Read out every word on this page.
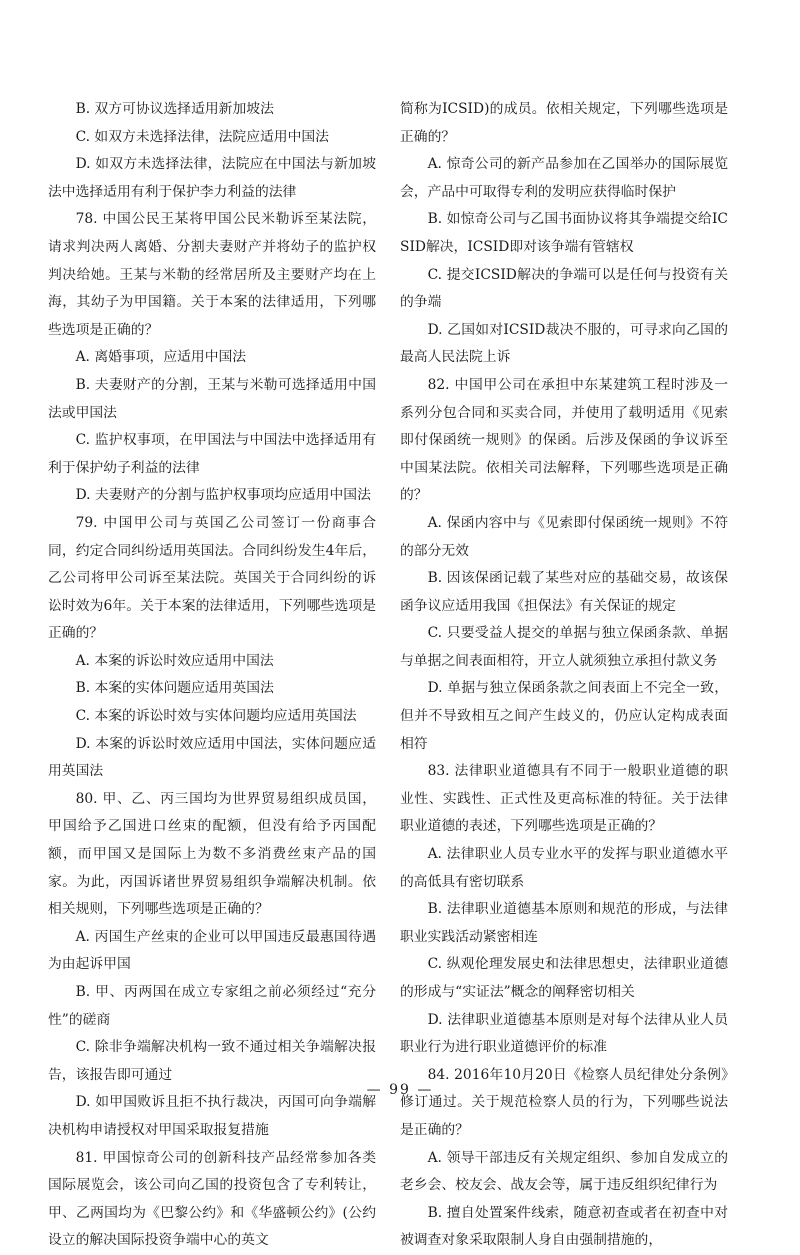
B. 双方可协议选择适用新加坡法

C. 如双方未选择法律，法院应适用中国法

D. 如双方未选择法律，法院应在中国法与新加坡法中选择适用有利于保护李力利益的法律

78. 中国公民王某将甲国公民米勒诉至某法院，请求判决两人离婚、分割夫妻财产并将幼子的监护权判决给她。王某与米勒的经常居所及主要财产均在上海，其幼子为甲国籍。关于本案的法律适用，下列哪些选项是正确的？

A. 离婚事项，应适用中国法

B. 夫妻财产的分割，王某与米勒可选择适用中国法或甲国法

C. 监护权事项，在甲国法与中国法中选择适用有利于保护幼子利益的法律

D. 夫妻财产的分割与监护权事项均应适用中国法

79. 中国甲公司与英国乙公司签订一份商事合同，约定合同纠纷适用英国法。合同纠纷发生4年后，乙公司将甲公司诉至某法院。英国关于合同纠纷的诉讼时效为6年。关于本案的法律适用，下列哪些选项是正确的？

A. 本案的诉讼时效应适用中国法

B. 本案的实体问题应适用英国法

C. 本案的诉讼时效与实体问题均应适用英国法

D. 本案的诉讼时效应适用中国法，实体问题应适用英国法

80. 甲、乙、丙三国均为世界贸易组织成员国，甲国给予乙国进口丝束的配额，但没有给予丙国配额，而甲国又是国际上为数不多消费丝束产品的国家。为此，丙国诉诸世界贸易组织争端解决机制。依相关规则，下列哪些选项是正确的？

A. 丙国生产丝束的企业可以甲国违反最惠国待遇为由起诉甲国

B. 甲、丙两国在成立专家组之前必须经过“充分性”的磋商

C. 除非争端解决机构一致不通过相关争端解决报告，该报告即可通过

D. 如甲国败诉且拒不执行裁决，丙国可向争端解决机构申请授权对甲国采取报复措施

81. 甲国惊奇公司的创新科技产品经常参加各类国际展览会，该公司向乙国的投资包含了专利转让，甲、乙两国均为《巴黎公约》和《华盛顿公约》(公约设立的解决国际投资争端中心的英文

简称为ICSID)的成员。依相关规定，下列哪些选项是正确的？

A. 惊奇公司的新产品参加在乙国举办的国际展览会，产品中可取得专利的发明应获得临时保护

B. 如惊奇公司与乙国书面协议将其争端提交给ICSID解决，ICSID即对该争端有管辖权

C. 提交ICSID解决的争端可以是任何与投资有关的争端

D. 乙国如对ICSID裁决不服的，可寻求向乙国的最高人民法院上诉

82. 中国甲公司在承担中东某建筑工程时涉及一系列分包合同和买卖合同，并使用了载明适用《见索即付保函统一规则》的保函。后涉及保函的争议诉至中国某法院。依相关司法解释，下列哪些选项是正确的？

A. 保函内容中与《见索即付保函统一规则》不符的部分无效

B. 因该保函记载了某些对应的基础交易，故该保函争议应适用我国《担保法》有关保证的规定

C. 只要受益人提交的单据与独立保函条款、单据与单据之间表面相符，开立人就须独立承担付款义务

D. 单据与独立保函条款之间表面上不完全一致，但并不导致相互之间产生歧义的，仍应认定构成表面相符

83. 法律职业道德具有不同于一般职业道德的职业性、实践性、正式性及更高标准的特征。关于法律职业道德的表述，下列哪些选项是正确的？

A. 法律职业人员专业水平的发挥与职业道德水平的高低具有密切联系

B. 法律职业道德基本原则和规范的形成，与法律职业实践活动紧密相连

C. 纵观伦理发展史和法律思想史，法律职业道德的形成与“实证法”概念的阐释密切相关

D. 法律职业道德基本原则是对每个法律从业人员职业行为进行职业道德评价的标准

84. 2016年10月20日《检察人员纪律处分条例》修订通过。关于规范检察人员的行为，下列哪些说法是正确的？

A. 领导干部违反有关规定组织、参加自发成立的老乡会、校友会、战友会等，属于违反组织纪律行为

B. 擅自处置案件线索，随意初查或者在初查中对被调查对象采取限制人身自由强制措施的，

— 99 —
